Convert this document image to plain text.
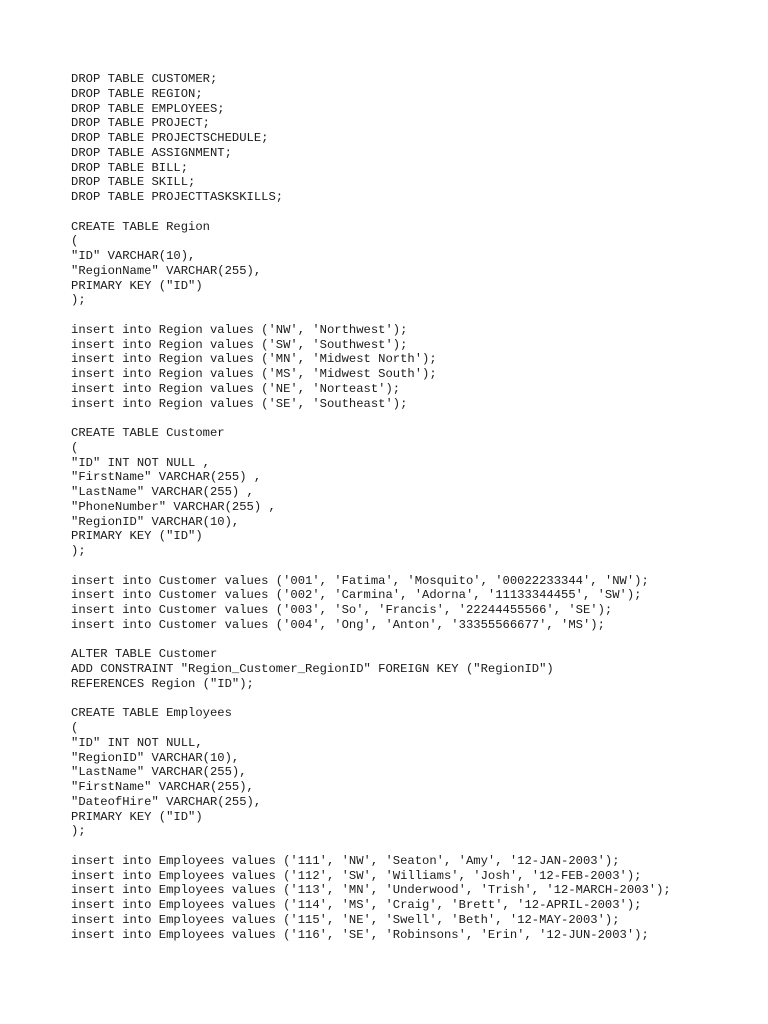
DROP TABLE CUSTOMER;
DROP TABLE REGION;
DROP TABLE EMPLOYEES;
DROP TABLE PROJECT;
DROP TABLE PROJECTSCHEDULE;
DROP TABLE ASSIGNMENT;
DROP TABLE BILL;
DROP TABLE SKILL;
DROP TABLE PROJECTTASKSKILLS;
CREATE TABLE Region
(
"ID" VARCHAR(10),
"RegionName" VARCHAR(255),
PRIMARY KEY ("ID")
);
insert into Region values ('NW', 'Northwest');
insert into Region values ('SW', 'Southwest');
insert into Region values ('MN', 'Midwest North');
insert into Region values ('MS', 'Midwest South');
insert into Region values ('NE', 'Norteast');
insert into Region values ('SE', 'Southeast');
CREATE TABLE Customer
(
"ID" INT NOT NULL ,
"FirstName" VARCHAR(255) ,
"LastName" VARCHAR(255) ,
"PhoneNumber" VARCHAR(255) ,
"RegionID" VARCHAR(10),
PRIMARY KEY ("ID")
);
insert into Customer values ('001', 'Fatima', 'Mosquito', '00022233344', 'NW');
insert into Customer values ('002', 'Carmina', 'Adorna', '11133344455', 'SW');
insert into Customer values ('003', 'So', 'Francis', '22244455566', 'SE');
insert into Customer values ('004', 'Ong', 'Anton', '33355566677', 'MS');
ALTER TABLE Customer
ADD CONSTRAINT "Region_Customer_RegionID" FOREIGN KEY ("RegionID")
REFERENCES Region ("ID");
CREATE TABLE Employees
(
"ID" INT NOT NULL,
"RegionID" VARCHAR(10),
"LastName" VARCHAR(255),
"FirstName" VARCHAR(255),
"DateofHire" VARCHAR(255),
PRIMARY KEY ("ID")
);
insert into Employees values ('111', 'NW', 'Seaton', 'Amy', '12-JAN-2003');
insert into Employees values ('112', 'SW', 'Williams', 'Josh', '12-FEB-2003');
insert into Employees values ('113', 'MN', 'Underwood', 'Trish', '12-MARCH-2003');
insert into Employees values ('114', 'MS', 'Craig', 'Brett', '12-APRIL-2003');
insert into Employees values ('115', 'NE', 'Swell', 'Beth', '12-MAY-2003');
insert into Employees values ('116', 'SE', 'Robinsons', 'Erin', '12-JUN-2003');
